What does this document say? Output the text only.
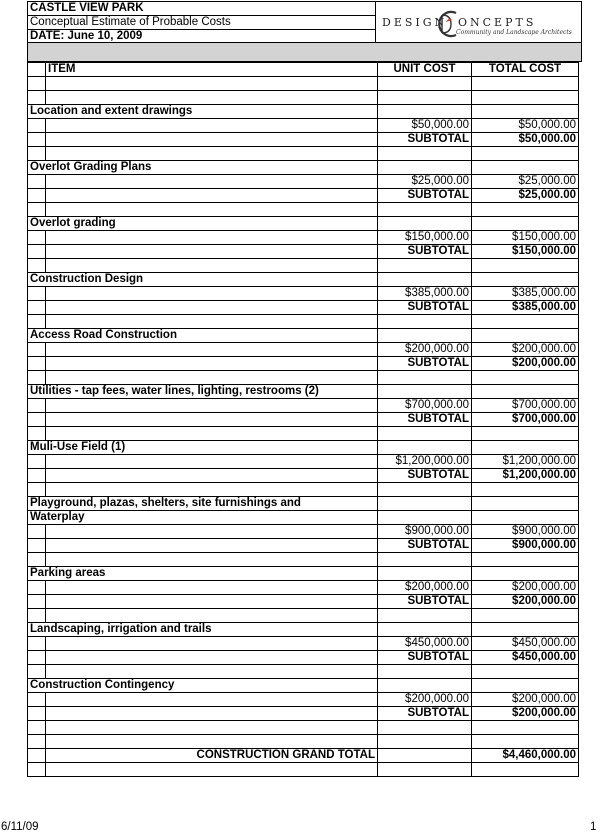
CASTLE VIEW PARK
Conceptual Estimate of Probable Costs
DATE: June 10, 2009
DESIGN ONCEPTS
Community and Landscape Architects
	ITEM	UNIT COST	TOTAL COST

Location and extent drawings			
		$50,000.00	$50,000.00
		SUBTOTAL	$50,000.00

Overlot Grading Plans			
		$25,000.00	$25,000.00
		SUBTOTAL	$25,000.00

Overlot grading			
		$150,000.00	$150,000.00
		SUBTOTAL	$150,000.00

Construction Design			
		$385,000.00	$385,000.00
		SUBTOTAL	$385,000.00

Access Road Construction			
		$200,000.00	$200,000.00
		SUBTOTAL	$200,000.00

Utilities - tap fees, water lines, lighting, restrooms (2)			
		$700,000.00	$700,000.00
		SUBTOTAL	$700,000.00

Muli-Use Field (1)			
		$1,200,000.00	$1,200,000.00
		SUBTOTAL	$1,200,000.00

Playground, plazas, shelters, site furnishings and			
Waterplay			
		$900,000.00	$900,000.00
		SUBTOTAL	$900,000.00

Parking areas			
		$200,000.00	$200,000.00
		SUBTOTAL	$200,000.00

Landscaping, irrigation and trails			
		$450,000.00	$450,000.00
		SUBTOTAL	$450,000.00

Construction Contingency			
		$200,000.00	$200,000.00
		SUBTOTAL	$200,000.00

	CONSTRUCTION GRAND TOTAL		$4,460,000.00

6/11/09	1
